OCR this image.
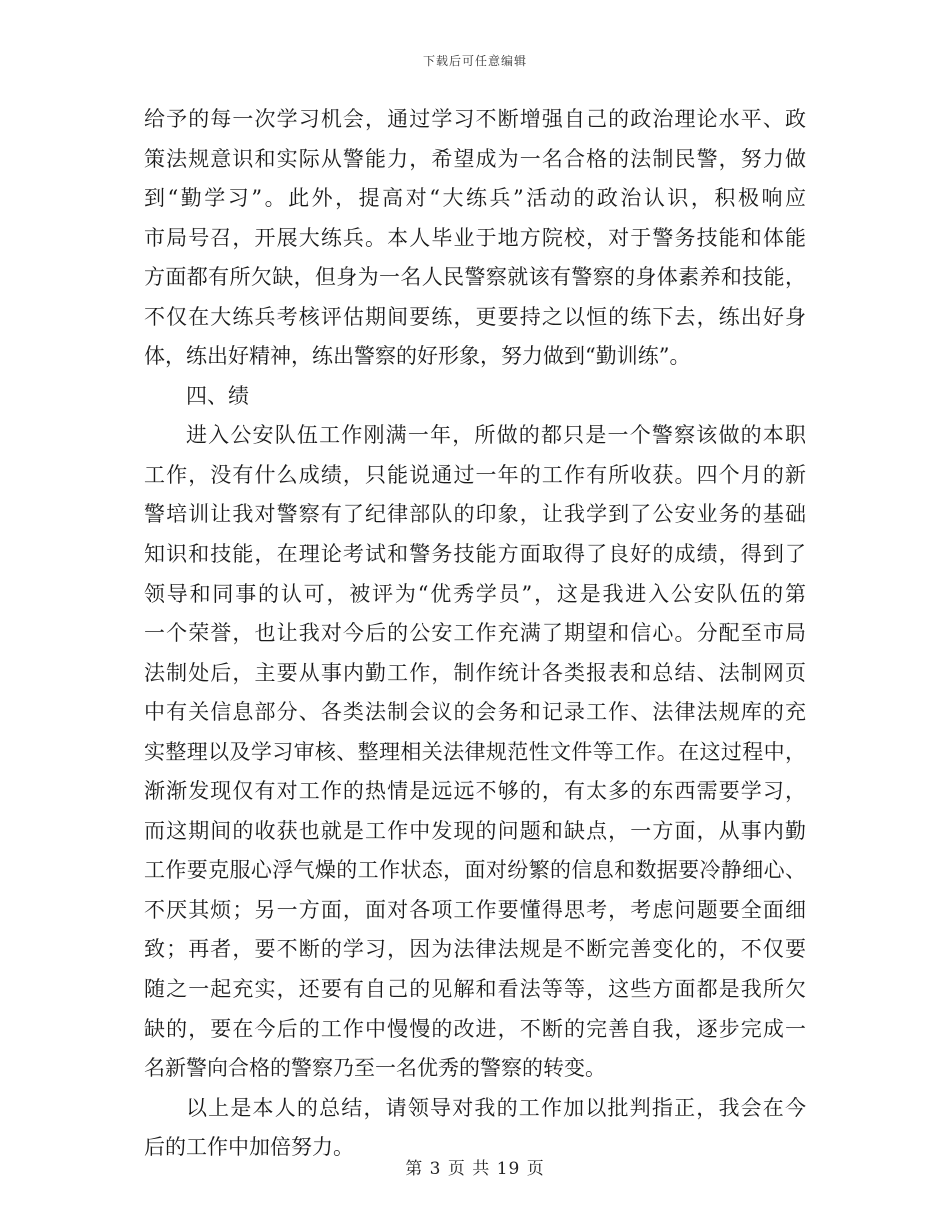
下载后可任意编辑
给予的每一次学习机会，通过学习不断增强自己的政治理论水平、政
策法规意识和实际从警能力，希望成为一名合格的法制民警，努力做
到“勤学习”。此外，提高对“大练兵”活动的政治认识，积极响应
市局号召，开展大练兵。本人毕业于地方院校，对于警务技能和体能
方面都有所欠缺，但身为一名人民警察就该有警察的身体素养和技能，
不仅在大练兵考核评估期间要练，更要持之以恒的练下去，练出好身
体，练出好精神，练出警察的好形象，努力做到“勤训练”。
四、绩
进入公安队伍工作刚满一年，所做的都只是一个警察该做的本职
工作，没有什么成绩，只能说通过一年的工作有所收获。四个月的新
警培训让我对警察有了纪律部队的印象，让我学到了公安业务的基础
知识和技能，在理论考试和警务技能方面取得了良好的成绩，得到了
领导和同事的认可，被评为“优秀学员”，这是我进入公安队伍的第
一个荣誉，也让我对今后的公安工作充满了期望和信心。分配至市局
法制处后，主要从事内勤工作，制作统计各类报表和总结、法制网页
中有关信息部分、各类法制会议的会务和记录工作、法律法规库的充
实整理以及学习审核、整理相关法律规范性文件等工作。在这过程中，
渐渐发现仅有对工作的热情是远远不够的，有太多的东西需要学习，
而这期间的收获也就是工作中发现的问题和缺点，一方面，从事内勤
工作要克服心浮气燥的工作状态，面对纷繁的信息和数据要冷静细心、
不厌其烦；另一方面，面对各项工作要懂得思考，考虑问题要全面细
致；再者，要不断的学习，因为法律法规是不断完善变化的，不仅要
随之一起充实，还要有自己的见解和看法等等，这些方面都是我所欠
缺的，要在今后的工作中慢慢的改进，不断的完善自我，逐步完成一
名新警向合格的警察乃至一名优秀的警察的转变。
以上是本人的总结，请领导对我的工作加以批判指正，我会在今
后的工作中加倍努力。
第 3 页 共 19 页
